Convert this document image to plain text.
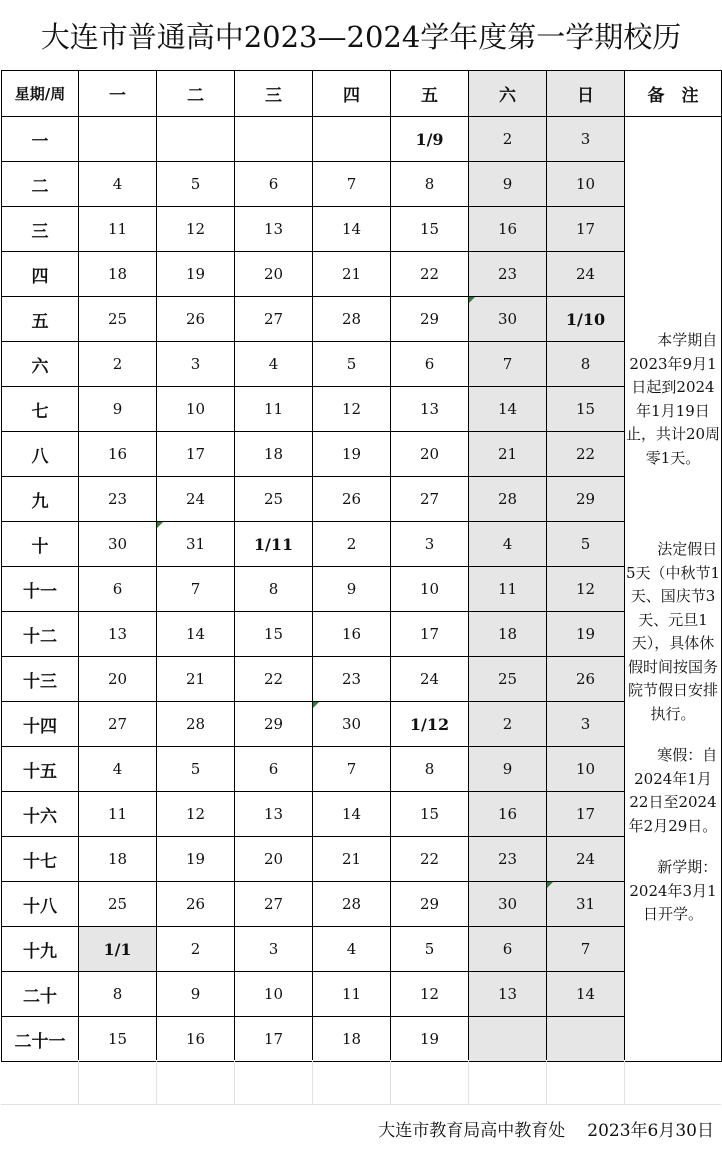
大连市普通高中2023—2024学年度第一学期校历
星期/周	一	二	三	四	五	六	日	备　注
一					1/9	2	3	本学期自2023年9月1日起到2024年1月19日止，共计20周零1天。
法定假日5天（中秋节1天、国庆节3天、元旦1天），具体休假时间按国务院节假日安排执行。
寒假：自2024年1月22日至2024年2月29日。
新学期：2024年3月1日开学。

二	4	5	6	7	8	9	10	
三	11	12	13	14	15	16	17	
四	18	19	20	21	22	23	24	
五	25	26	27	28	29	30	1/10	
六	2	3	4	5	6	7	8	
七	9	10	11	12	13	14	15	
八	16	17	18	19	20	21	22	
九	23	24	25	26	27	28	29	
十	30	31	1/11	2	3	4	5	
十一	6	7	8	9	10	11	12	
十二	13	14	15	16	17	18	19	
十三	20	21	22	23	24	25	26	
十四	27	28	29	30	1/12	2	3	
十五	4	5	6	7	8	9	10	
十六	11	12	13	14	15	16	17	
十七	18	19	20	21	22	23	24	
十八	25	26	27	28	29	30	31	
十九	1/1	2	3	4	5	6	7	
二十	8	9	10	11	12	13	14	
二十一	15	16	17	18	19			
大连市教育局高中教育处 2023年6月30日
